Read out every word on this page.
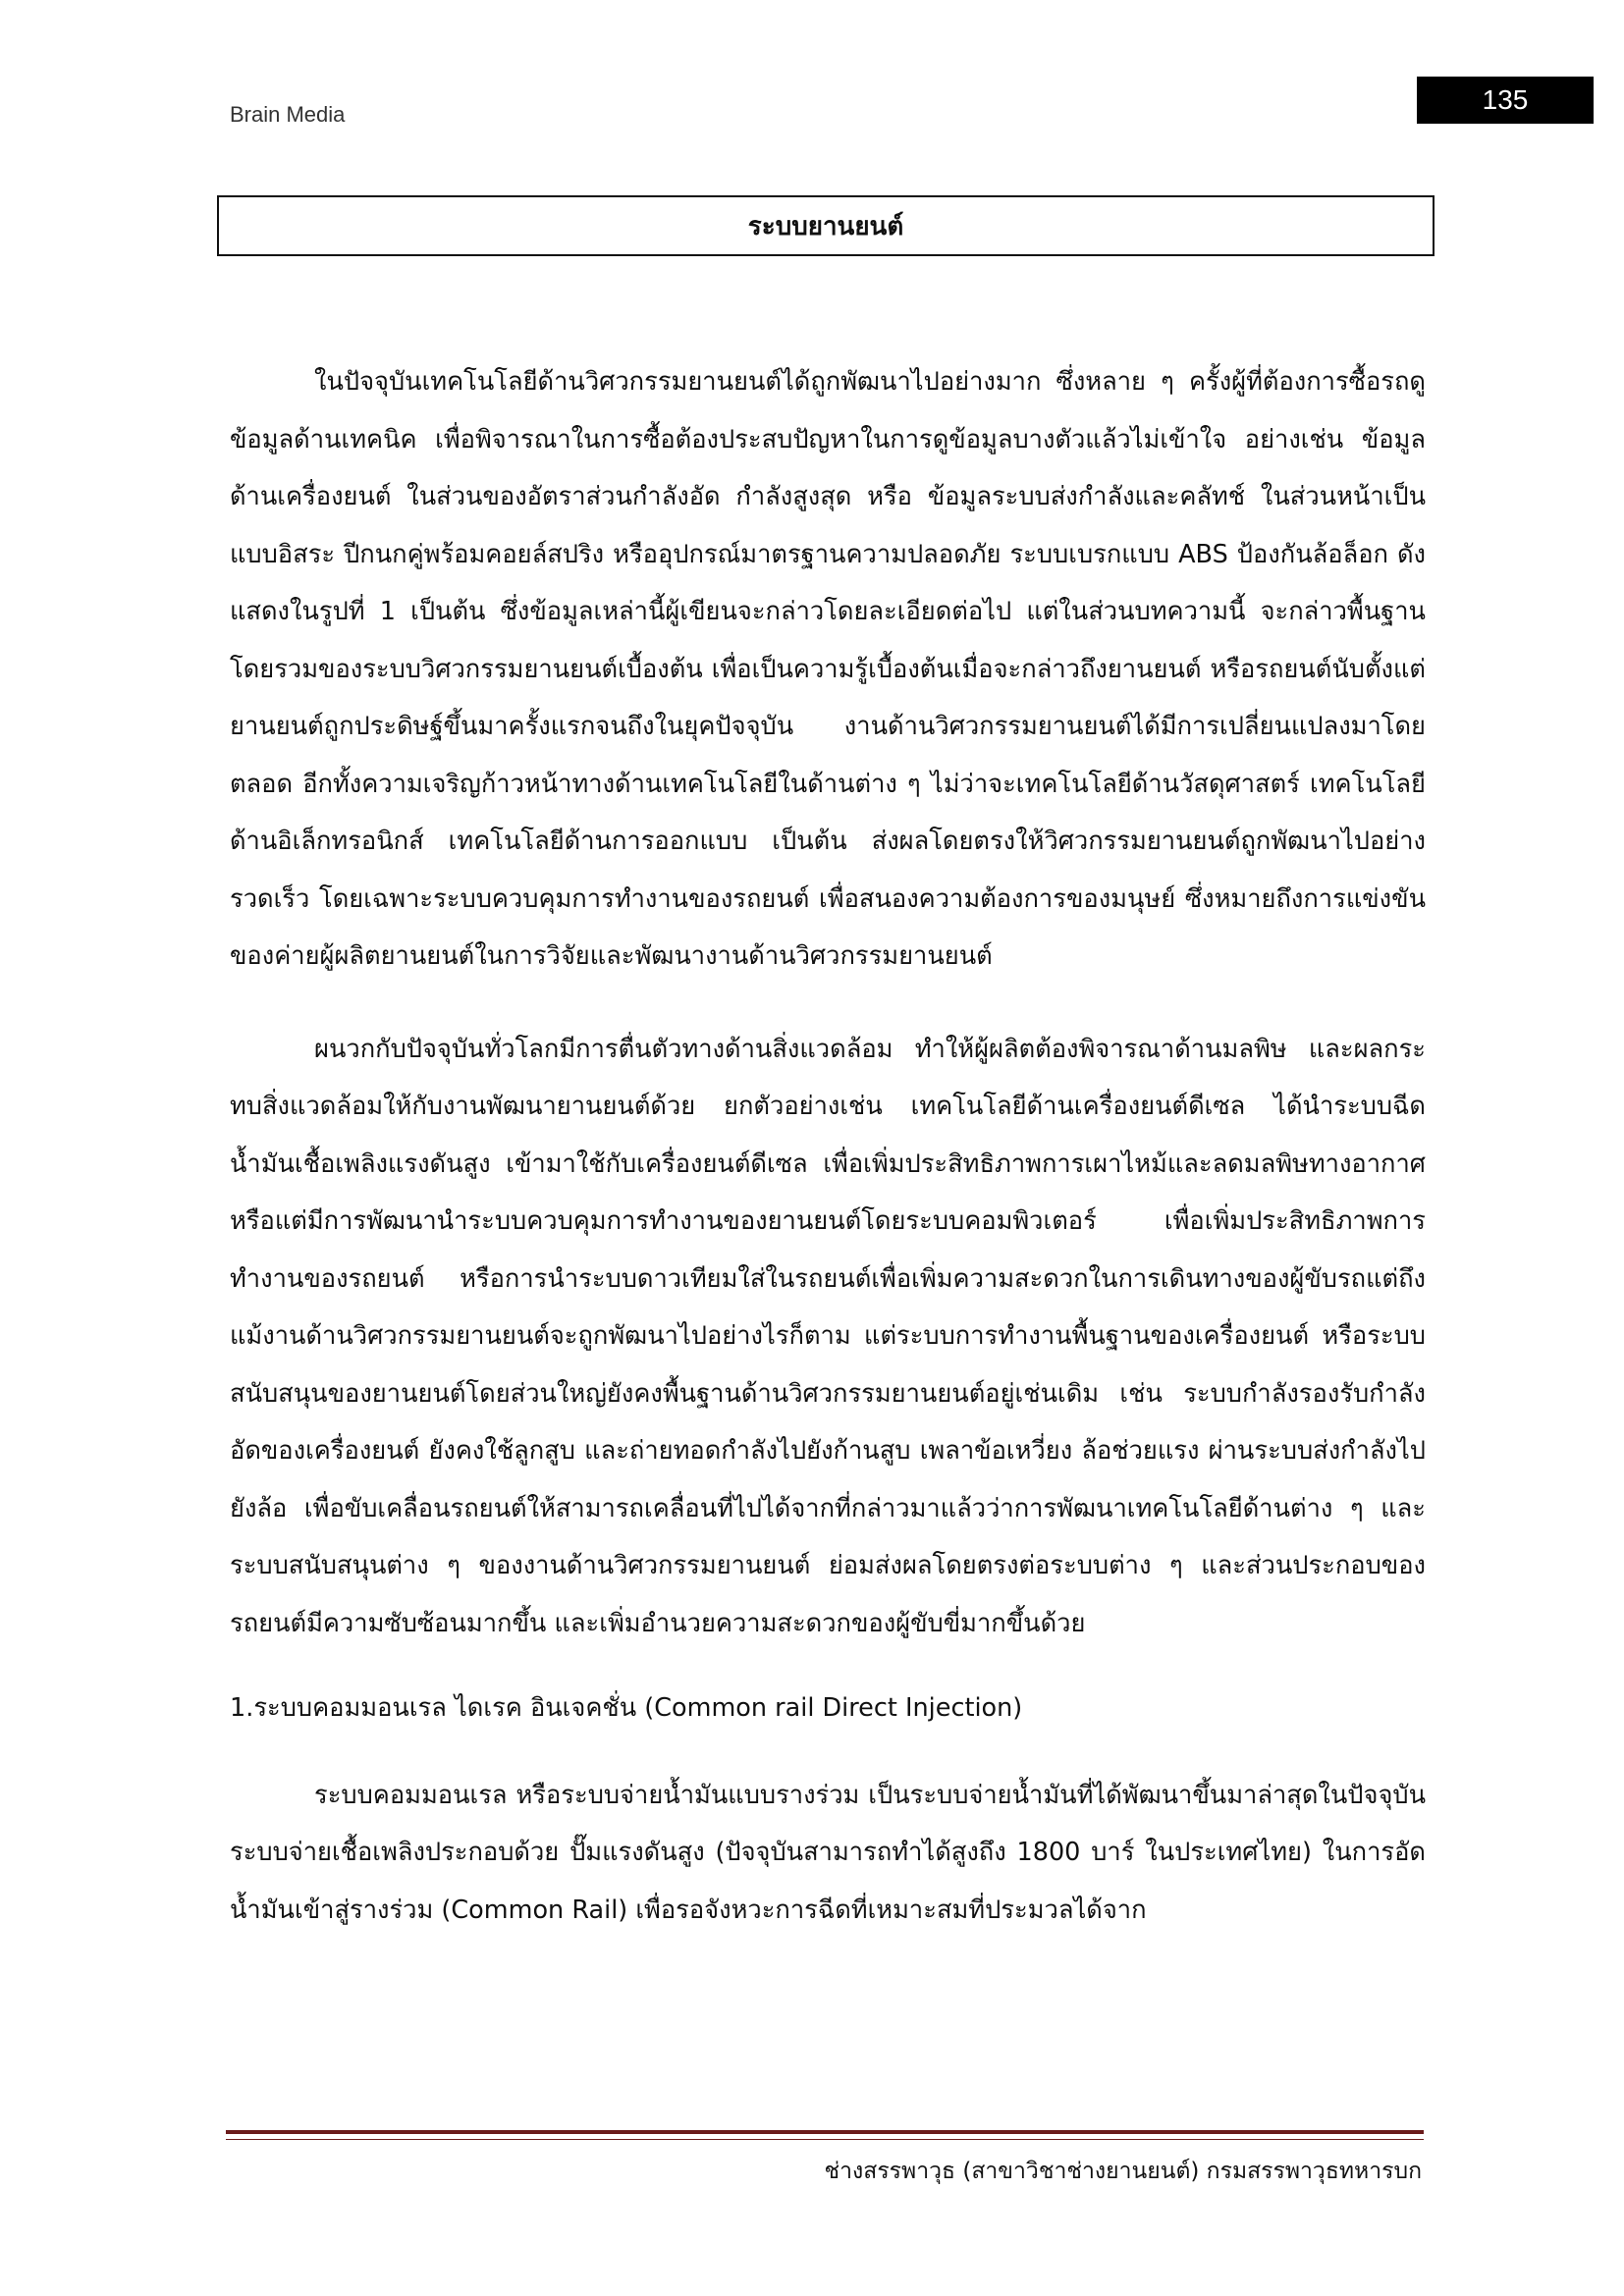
Brain Media	135
ระบบยานยนต์

ในปัจจุบันเทคโนโลยีด้านวิศวกรรมยานยนต์ได้ถูกพัฒนาไปอย่างมาก ซึ่งหลาย ๆ ครั้งผู้ที่ต้องการซื้อรถดูข้อมูลด้านเทคนิค เพื่อพิจารณาในการซื้อต้องประสบปัญหาในการดูข้อมูลบางตัวแล้วไม่เข้าใจ อย่างเช่น ข้อมูลด้านเครื่องยนต์ ในส่วนของอัตราส่วนกำลังอัด กำลังสูงสุด หรือ ข้อมูลระบบส่งกำลังและคลัทช์ ในส่วนหน้าเป็นแบบอิสระ ปีกนกคู่พร้อมคอยล์สปริง หรืออุปกรณ์มาตรฐานความปลอดภัย ระบบเบรกแบบ ABS ป้องกันล้อล็อก ดังแสดงในรูปที่ 1 เป็นต้น ซึ่งข้อมูลเหล่านี้ผู้เขียนจะกล่าวโดยละเอียดต่อไป แต่ในส่วนบทความนี้ จะกล่าวพื้นฐานโดยรวมของระบบวิศวกรรมยานยนต์เบื้องต้น เพื่อเป็นความรู้เบื้องต้นเมื่อจะกล่าวถึงยานยนต์ หรือรถยนต์นับตั้งแต่ยานยนต์ถูกประดิษฐ์ขึ้นมาครั้งแรกจนถึงในยุคปัจจุบัน งานด้านวิศวกรรมยานยนต์ได้มีการเปลี่ยนแปลงมาโดยตลอด อีกทั้งความเจริญก้าวหน้าทางด้านเทคโนโลยีในด้านต่าง ๆ ไม่ว่าจะเทคโนโลยีด้านวัสดุศาสตร์ เทคโนโลยีด้านอิเล็กทรอนิกส์ เทคโนโลยีด้านการออกแบบ เป็นต้น ส่งผลโดยตรงให้วิศวกรรมยานยนต์ถูกพัฒนาไปอย่างรวดเร็ว โดยเฉพาะระบบควบคุมการทำงานของรถยนต์ เพื่อสนองความต้องการของมนุษย์ ซึ่งหมายถึงการแข่งขันของค่ายผู้ผลิตยานยนต์ในการวิจัยและพัฒนางานด้านวิศวกรรมยานยนต์

ผนวกกับปัจจุบันทั่วโลกมีการตื่นตัวทางด้านสิ่งแวดล้อม ทำให้ผู้ผลิตต้องพิจารณาด้านมลพิษ และผลกระทบสิ่งแวดล้อมให้กับงานพัฒนายานยนต์ด้วย ยกตัวอย่างเช่น เทคโนโลยีด้านเครื่องยนต์ดีเซล ได้นำระบบฉีดน้ำมันเชื้อเพลิงแรงดันสูง เข้ามาใช้กับเครื่องยนต์ดีเซล เพื่อเพิ่มประสิทธิภาพการเผาไหม้และลดมลพิษทางอากาศ หรือแต่มีการพัฒนานำระบบควบคุมการทำงานของยานยนต์โดยระบบคอมพิวเตอร์ เพื่อเพิ่มประสิทธิภาพการทำงานของรถยนต์ หรือการนำระบบดาวเทียมใส่ในรถยนต์เพื่อเพิ่มความสะดวกในการเดินทางของผู้ขับรถแต่ถึงแม้งานด้านวิศวกรรมยานยนต์จะถูกพัฒนาไปอย่างไรก็ตาม แต่ระบบการทำงานพื้นฐานของเครื่องยนต์ หรือระบบสนับสนุนของยานยนต์โดยส่วนใหญ่ยังคงพื้นฐานด้านวิศวกรรมยานยนต์อยู่เช่นเดิม เช่น ระบบกำลังรองรับกำลังอัดของเครื่องยนต์ ยังคงใช้ลูกสูบ และถ่ายทอดกำลังไปยังก้านสูบ เพลาข้อเหวี่ยง ล้อช่วยแรง ผ่านระบบส่งกำลังไปยังล้อ เพื่อขับเคลื่อนรถยนต์ให้สามารถเคลื่อนที่ไปได้จากที่กล่าวมาแล้วว่าการพัฒนาเทคโนโลยีด้านต่าง ๆ และระบบสนับสนุนต่าง ๆ ของงานด้านวิศวกรรมยานยนต์ ย่อมส่งผลโดยตรงต่อระบบต่าง ๆ และส่วนประกอบของรถยนต์มีความซับซ้อนมากขึ้น และเพิ่มอำนวยความสะดวกของผู้ขับขี่มากขึ้นด้วย

1.ระบบคอมมอนเรล ไดเรค อินเจคชั่น (Common rail Direct Injection)

ระบบคอมมอนเรล หรือระบบจ่ายน้ำมันแบบรางร่วม เป็นระบบจ่ายน้ำมันที่ได้พัฒนาขึ้นมาล่าสุดในปัจจุบัน ระบบจ่ายเชื้อเพลิงประกอบด้วย ปั๊มแรงดันสูง (ปัจจุบันสามารถทำได้สูงถึง 1800 บาร์ ในประเทศไทย) ในการอัดน้ำมันเข้าสู่รางร่วม (Common Rail) เพื่อรอจังหวะการฉีดที่เหมาะสมที่ประมวลได้จาก

ช่างสรรพาวุธ (สาขาวิชาช่างยานยนต์) กรมสรรพาวุธทหารบก
